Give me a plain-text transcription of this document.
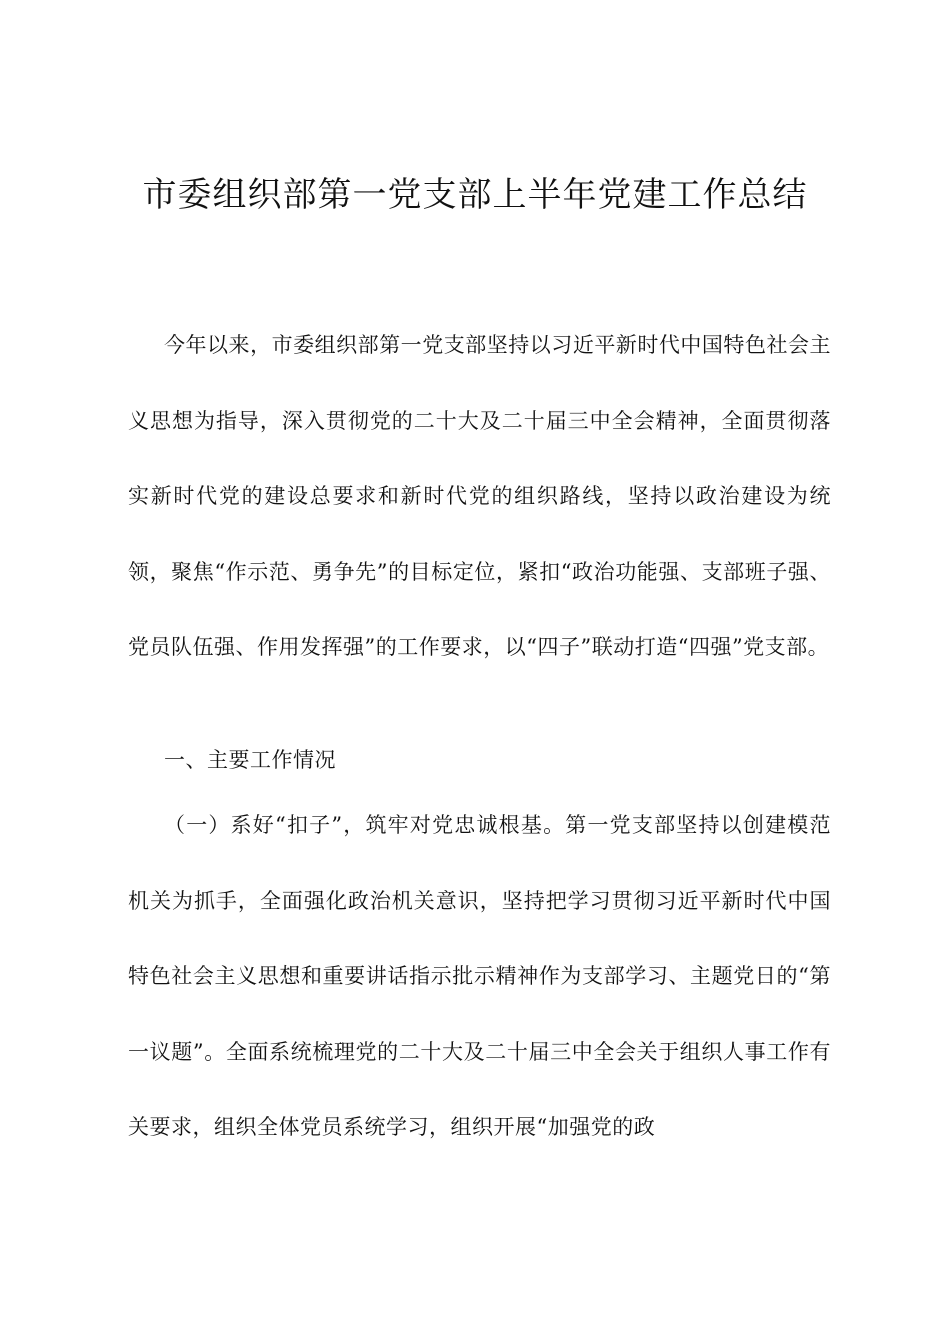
市委组织部第一党支部上半年党建工作总结

今年以来，市委组织部第一党支部坚持以习近平新时代中国特色社会主义思想为指导，深入贯彻党的二十大及二十届三中全会精神，全面贯彻落实新时代党的建设总要求和新时代党的组织路线，坚持以政治建设为统领，聚焦“作示范、勇争先”的目标定位，紧扣“政治功能强、支部班子强、党员队伍强、作用发挥强”的工作要求，以“四子”联动打造“四强”党支部。

一、主要工作情况

（一）系好“扣子”，筑牢对党忠诚根基。第一党支部坚持以创建模范机关为抓手，全面强化政治机关意识，坚持把学习贯彻习近平新时代中国特色社会主义思想和重要讲话指示批示精神作为支部学习、主题党日的“第一议题”。全面系统梳理党的二十大及二十届三中全会关于组织人事工作有关要求，组织全体党员系统学习，组织开展“加强党的政
